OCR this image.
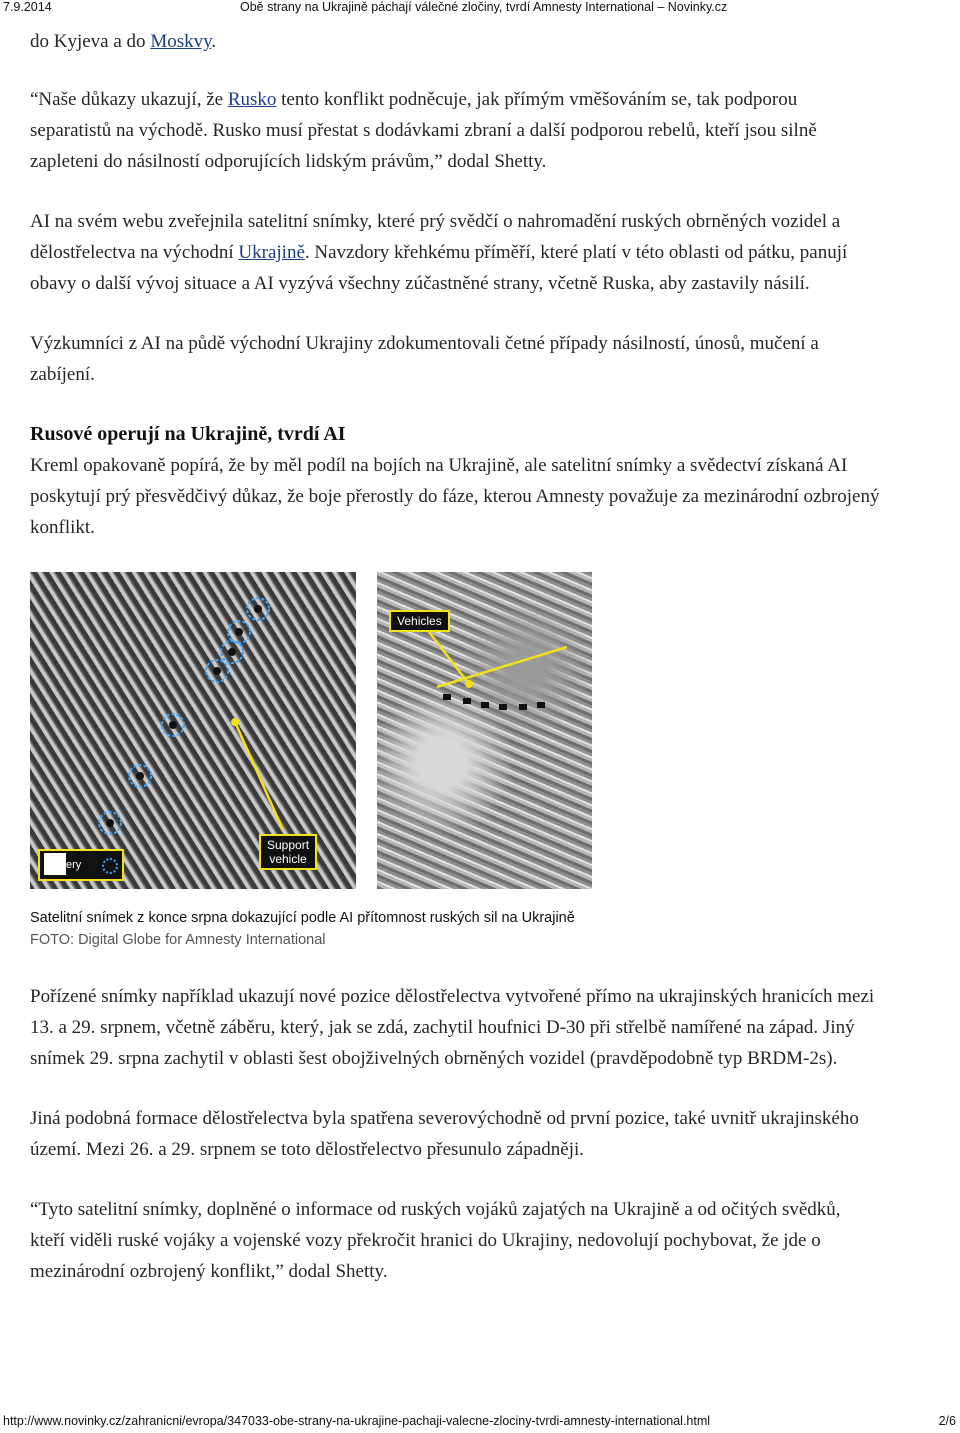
7.9.2014	Obě strany na Ukrajině páchají válečné zločiny, tvrdí Amnesty International – Novinky.cz

do Kyjeva a do Moskvy.

“Naše důkazy ukazují, že Rusko tento konflikt podněcuje, jak přímým vměšováním se, tak podporou separatistů na východě. Rusko musí přestat s dodávkami zbraní a další podporou rebelů, kteří jsou silně zapleteni do násilností odporujících lidským právům,” dodal Shetty.

AI na svém webu zveřejnila satelitní snímky, které prý svědčí o nahromadění ruských obrněných vozidel a dělostřelectva na východní Ukrajině. Navzdory křehkému příměří, které platí v této oblasti od pátku, panují obavy o další vývoj situace a AI vyzývá všechny zúčastněné strany, včetně Ruska, aby zastavily násilí.

Výzkumníci z AI na půdě východní Ukrajiny zdokumentovali četné případy násilností, únosů, mučení a zabíjení.

Rusové operují na Ukrajině, tvrdí AI

Kreml opakovaně popírá, že by měl podíl na bojích na Ukrajině, ale satelitní snímky a svědectví získaná AI poskytují prý přesvědčivý důkaz, že boje přerostly do fáze, kterou Amnesty považuje za mezinárodní ozbrojený konflikt.

Support
vehicle
ery
Vehicles
Satelitní snímek z konce srpna dokazující podle AI přítomnost ruských sil na Ukrajině
FOTO: Digital Globe for Amnesty International

Pořízené snímky například ukazují nové pozice dělostřelectva vytvořené přímo na ukrajinských hranicích mezi 13. a 29. srpnem, včetně záběru, který, jak se zdá, zachytil houfnici D-30 při střelbě namířené na západ. Jiný snímek 29. srpna zachytil v oblasti šest obojživelných obrněných vozidel (pravděpodobně typ BRDM-2s).

Jiná podobná formace dělostřelectva byla spatřena severovýchodně od první pozice, také uvnitř ukrajinského území. Mezi 26. a 29. srpnem se toto dělostřelectvo přesunulo západněji.

“Tyto satelitní snímky, doplněné o informace od ruských vojáků zajatých na Ukrajině a od očitých svědků, kteří viděli ruské vojáky a vojenské vozy překročit hranici do Ukrajiny, nedovolují pochybovat, že jde o mezinárodní ozbrojený konflikt,” dodal Shetty.

http://www.novinky.cz/zahranicni/evropa/347033-obe-strany-na-ukrajine-pachaji-valecne-zlociny-tvrdi-amnesty-international.html	2/6
